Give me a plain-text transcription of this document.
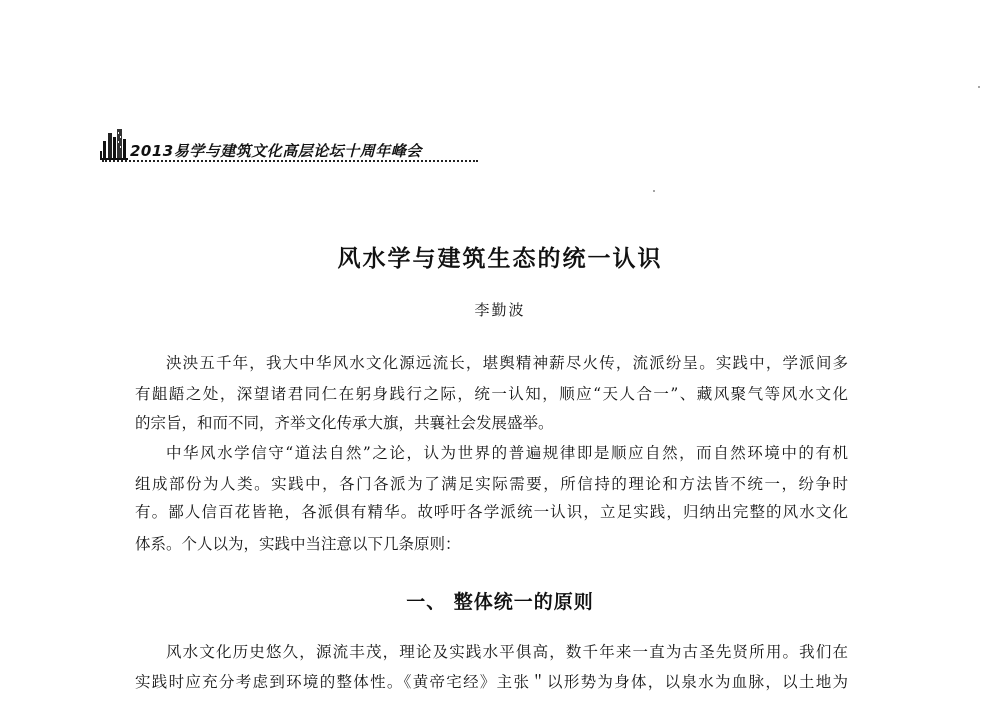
2013易学与建筑文化高层论坛十周年峰会
风水学与建筑生态的统一认识
李勤波
泱泱五千年，我大中华风水文化源远流长，堪舆精神薪尽火传，流派纷呈。实践中，学派间多
有龃龉之处，深望诸君同仁在躬身践行之际，统一认知，顺应“天人合一”、藏风聚气等风水文化
的宗旨，和而不同，齐举文化传承大旗，共襄社会发展盛举。
中华风水学信守“道法自然”之论，认为世界的普遍规律即是顺应自然，而自然环境中的有机
组成部份为人类。实践中，各门各派为了满足实际需要，所信持的理论和方法皆不统一，纷争时
有。鄙人信百花皆艳，各派俱有精华。故呼吁各学派统一认识，立足实践，归纳出完整的风水文化
体系。个人以为，实践中当注意以下几条原则：
一、 整体统一的原则
风水文化历史悠久，源流丰茂，理论及实践水平俱高，数千年来一直为古圣先贤所用。我们在
实践时应充分考虑到环境的整体性。《黄帝宅经》主张＂以形势为身体，以泉水为血脉，以土地为
